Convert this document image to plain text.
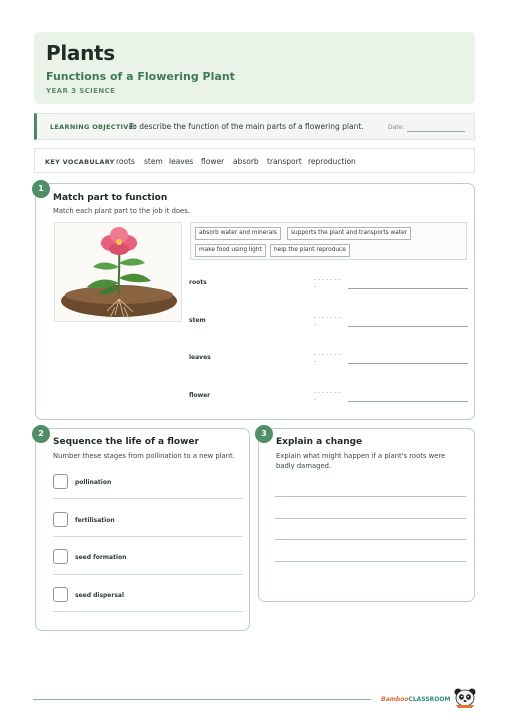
Plants
Functions of a Flowering Plant
YEAR 3 SCIENCE
LEARNING OBJECTIVE:
To describe the function of the main parts of a flowering plant.	Date:
KEY VOCABULARY roots stem leaves flower absorb transport reproduction
Match part to function
Match each plant part to the job it does.
absorb water and minerals	supports the plant and transports water
make food using light	help the plant reproduce
roots	- - - - - - - -
stem	- - - - - - - -
leaves	- - - - - - - -
flower	- - - - - - - -
1
Sequence the life of a flower
Number these stages from pollination to a new plant.
pollination
fertilisation
seed formation
seed dispersal
2
Explain a change
Explain what might happen if a plant's roots were badly damaged.
3
BambooCLASSROOM
